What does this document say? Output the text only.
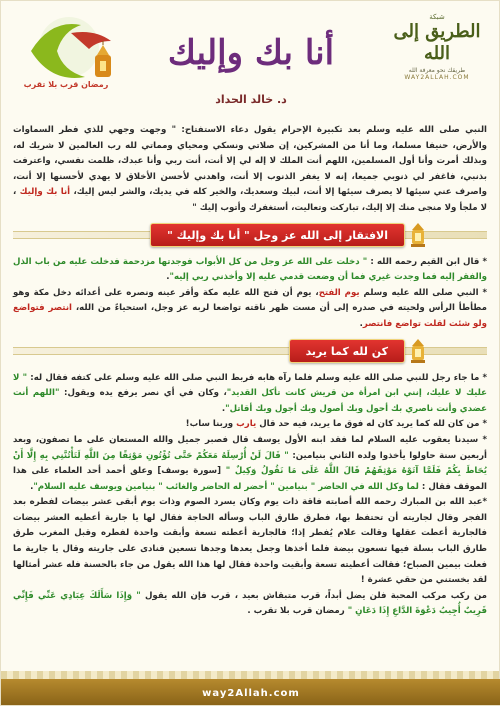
رمضان قرب بلا تقرب
شبكة
الطريق إلى الله
طريقك نحو معرفة الله
WAY2ALLAH.COM
أنا بك وإليك
د. خالد الحداد

النبي صلى الله عليه وسلم بعد تكبيرة الإحرام يقول دعاء الاستفتاح: " وجهت وجهي للذي فطر السماوات والأرض، حنيفا مسلما، وما أنا من المشركين، إن صلاتي ونسكي ومحياي ومماتي لله رب العالمين لا شريك له، وبذلك أمرت وأنا أول المسلمين، اللهم أنت الملك لا إله لي إلا أنت، أنت ربي وأنا عبدك، ظلمت نفسي، واعترفت بذنبي، فاغفر لي ذنوبي جميعا، إنه لا يغفر الذنوب إلا أنت، واهدني لأحسن الأخلاق لا يهدي لأحسنها إلا أنت، واصرف عني سيئها لا يصرف سيئها إلا أنت، لبيك وسعديك، والخير كله في يديك، والشر ليس إليك، أنا بك وإليك ، لا ملجأ ولا منجى منك إلا إليك، تباركت وتعاليت، أستغفرك وأتوب إليك "

الافتقار إلى الله عز وجل " أنا بك وإليك "

* قال ابن القيم رحمه الله : " دخلت على الله عز وجل من كل الأبواب فوجدتها مزدحمة فدخلت عليه من باب الذل والفقر إليه فما وجدت غيري فما أن وضعت قدمي عليه إلا وأخذني ربي إليه".

* النبي صلى الله عليه وسلم يوم الفتح، يوم أن فتح الله عليه مكة وأقر عينه ونصره على أعدائه دخل مكة وهو مطأطأ الرأس ولحيته في صدره إلى أن مست ظهر ناقته تواضعا لربه عز وجل، استحياءً من الله، انتصر فتواضع ولو شئت لقلت تواضع فانتصر.

كن لله كما يريد

* ما جاء رجل للنبي صلى الله عليه وسلم فلما رآه هابه فربط النبي صلى الله عليه وسلم على كتفه فقال له: " لا عليك لا عليك، إنني ابن امرأة من قريش كانت تأكل القديد"، وكان في أي نصر يرفع يده ويقول: "اللهم أنت عضدي وأنت ناصري بك أحول وبك أصول وبك أجول وبك أقاتل".

* من كان لله كما يريد كان له فوق ما يريد، فيه حد قال يارب وربنا ساب!

* سيدنا يعقوب عليه السلام لما فقد ابنه الأول يوسف قال فصبر جميل والله المستعان على ما تصفون، وبعد أربعين سنة حاولوا يأخذوا ولده الثاني بنيامين: " قَالَ لَنْ أُرْسِلَهُ مَعَكُمْ حَتَّى تُؤْتُونِ مَوْثِقًا مِنَ اللَّهِ لَتَأْتُنَّنِي بِهِ إِلَّا أَنْ يُحَاطَ بِكُمْ فَلَمَّا آتَوْهُ مَوْثِقَهُمْ قَالَ اللَّهُ عَلَى مَا نَقُولُ وَكِيلٌ " [سورة يوسف] وعلق أحمد أحد العلماء على هذا الموقف فقال : لما وكل الله في الحاضر " بنيامين " أحضر له الحاضر والغائب " بنيامين ويوسف عليه السلام".

*عبد الله بن المبارك رحمه الله أصابته فاقة ذات يوم وكان يسرد الصوم وذات يوم أبقى عشر بيضات لفطره بعد الفجر وقال لجاريته أن تحتفظ بها، فطرق طارق الباب وسأله الحاجة فقال لها يا جارية أعطيه العشر بيضات فالجارية أعطت عقلها وقالت علام يُفطر إذا؛ فالجارية أعطته تسعة وأبقت واحدة لفطره وقبل المغرب طرق طارق الباب بسلة فيها تسعون بيضة فلما أخذها وجعل يعدها وجدها تسعين فنادى على جاريته وقال يا جارية ما فعلت بيمين الصباح؛ فقالت أعطيته تسعة وأبقيت واحدة فقال لها هذا الله يقول من جاء بالحسنة فله عشر أمثالها لقد بخستني من حقي عشرة !

من ركب مركب المحبة فلن يضل أبداً، قرب متبقاش بعيد ، قرب فإن الله يقول " وَإِذَا سَأَلَكَ عِبَادِي عَنِّي فَإِنِّي قَرِيبٌ أُجِيبُ دَعْوَةَ الدَّاعِ إِذَا دَعَانِ " رمضان قرب بلا تقرب .

way2Allah.com
